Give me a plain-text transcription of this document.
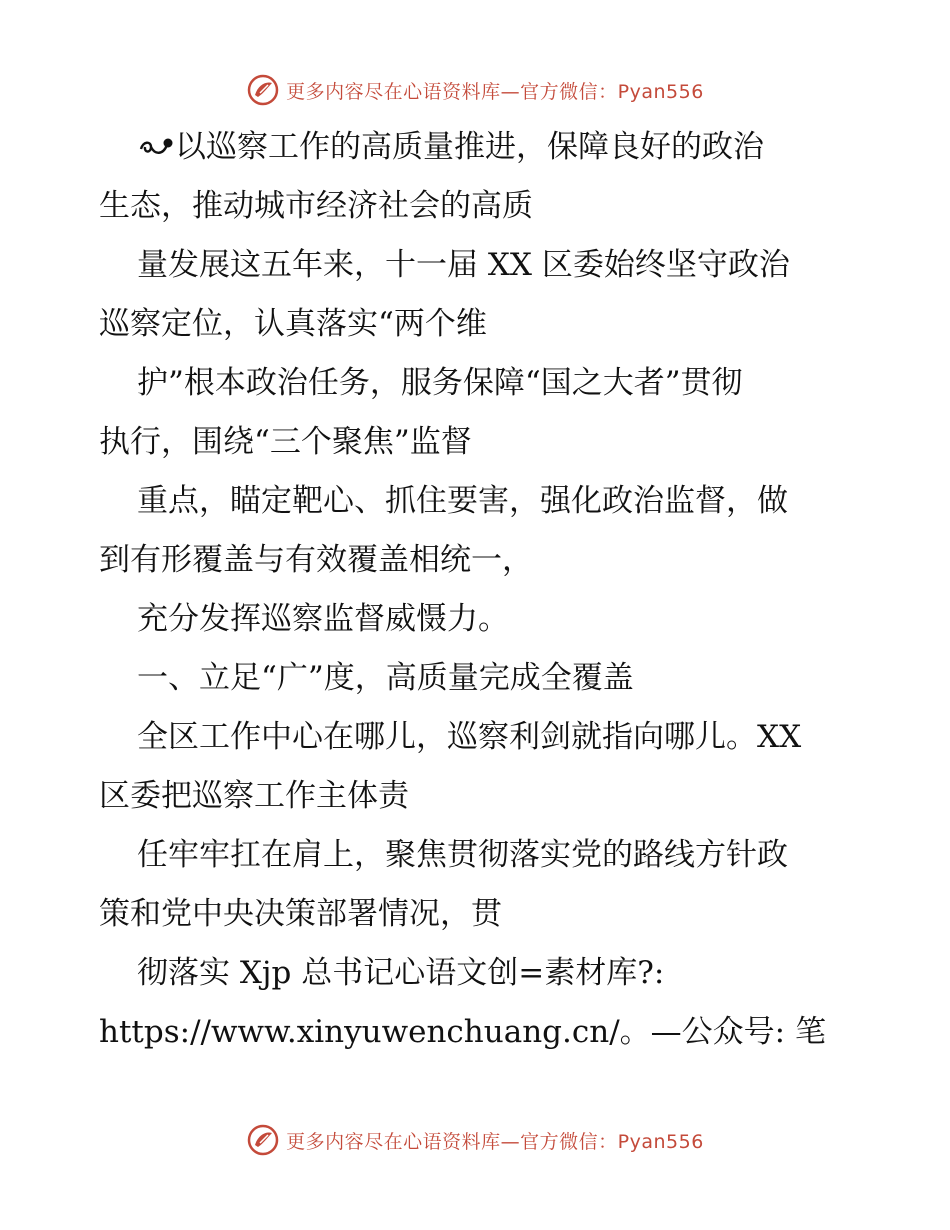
更多内容尽在心语资料库—官方微信：Pyan556
以巡察工作的高质量推进，保障良好的政治
生态，推动城市经济社会的高质
量发展这五年来，十一届 XX 区委始终坚守政治
巡察定位，认真落实“两个维
护”根本政治任务，服务保障“国之大者”贯彻
执行，围绕“三个聚焦”监督
重点，瞄定靶心、抓住要害，强化政治监督，做
到有形覆盖与有效覆盖相统一，
充分发挥巡察监督威慑力。
一、立足“广”度，高质量完成全覆盖
全区工作中心在哪儿，巡察利剑就指向哪儿。XX
区委把巡察工作主体责
任牢牢扛在肩上，聚焦贯彻落实党的路线方针政
策和党中央决策部署情况，贯
彻落实 Xjp 总书记心语文创=素材库?:
https://www.xinyuwenchuang.cn/。—公众号: 笔
更多内容尽在心语资料库—官方微信：Pyan556
